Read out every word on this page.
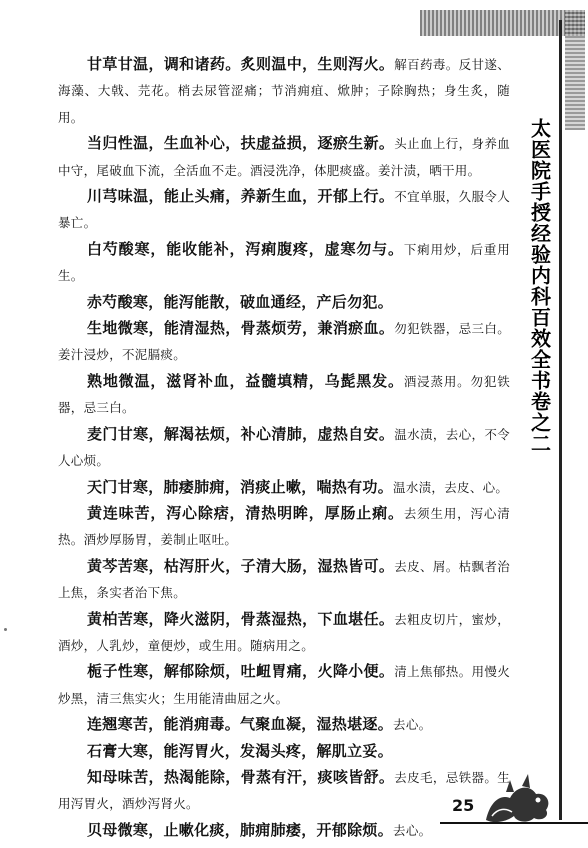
太医院手授经验内科百效全书卷之二

甘草甘温，调和诸药。炙则温中，生则泻火。解百药毒。反甘遂、海藻、大戟、芫花。梢去尿管涩痛；节消痈疽、焮肿；子除胸热；身生炙，随用。

当归性温，生血补心，扶虚益损，逐瘀生新。头止血上行，身养血中守，尾破血下流，全活血不走。酒浸洗净，体肥痰盛。姜汁渍，晒干用。

川芎味温，能止头痛，养新生血，开郁上行。不宜单服，久服令人暴亡。

白芍酸寒，能收能补，泻痢腹疼，虚寒勿与。下痢用炒，后重用生。

赤芍酸寒，能泻能散，破血通经，产后勿犯。

生地微寒，能清湿热，骨蒸烦劳，兼消瘀血。勿犯铁器，忌三白。姜汁浸炒，不泥膈痰。

熟地微温，滋肾补血，益髓填精，乌髭黑发。酒浸蒸用。勿犯铁器，忌三白。

麦门甘寒，解渴祛烦，补心清肺，虚热自安。温水渍，去心，不令人心烦。

天门甘寒，肺痿肺痈，消痰止嗽，喘热有功。温水渍，去皮、心。

黄连味苦，泻心除痞，清热明眸，厚肠止痢。去须生用，泻心清热。酒炒厚肠胃，姜制止呕吐。

黄芩苦寒，枯泻肝火，子清大肠，湿热皆可。去皮、屑。枯飘者治上焦，条实者治下焦。

黄柏苦寒，降火滋阴，骨蒸湿热，下血堪任。去粗皮切片，蜜炒，酒炒，人乳炒，童便炒，或生用。随病用之。

栀子性寒，解郁除烦，吐衄胃痛，火降小便。清上焦郁热。用慢火炒黑，清三焦实火；生用能清曲屈之火。

连翘寒苦，能消痈毒。气聚血凝，湿热堪逐。去心。

石膏大寒，能泻胃火，发渴头疼，解肌立妥。

知母味苦，热渴能除，骨蒸有汗，痰咳皆舒。去皮毛，忌铁器。生用泻胃火，酒炒泻肾火。

贝母微寒，止嗽化痰，肺痈肺痿，开郁除烦。去心。

25
